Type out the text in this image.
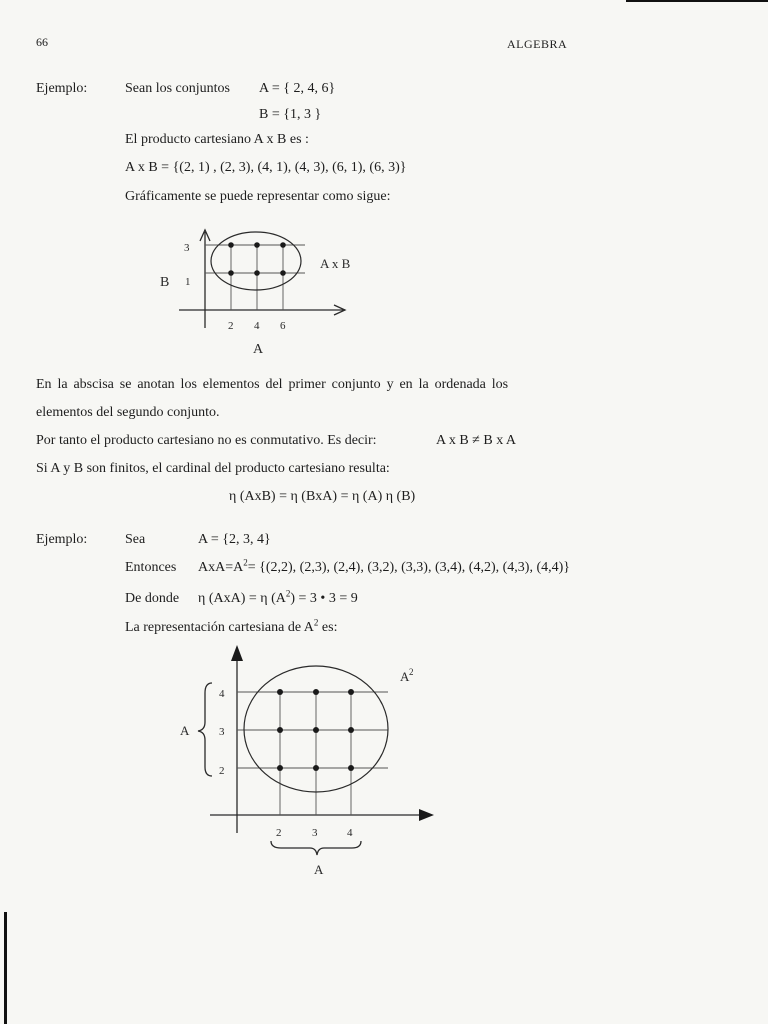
66	ALGEBRA
Ejemplo:	Sean los conjuntos A = { 2, 4, 6}
B = {1, 3 }
El producto cartesiano A x B es :
A x B = {(2, 1) , (2, 3), (4, 1), (4, 3), (6, 1), (6, 3)}
Gráficamente se puede representar como sigue:
3
1
B
2 4 6
A
A x B
En la abscisa se anotan los elementos del primer conjunto y en la ordenada los
elementos del segundo conjunto.
Por tanto el producto cartesiano no es conmutativo. Es decir:	A x B ≠ B x A
Si A y B son finitos, el cardinal del producto cartesiano resulta:
η (AxB) = η (BxA) = η (A) η (B)
Ejemplo:	Sea	A = {2, 3, 4}
Entonces $AxA=A^2= \{(2,2)$, (2,3), (2,4), (3,2), (3,3), (3,4), (4,2), (4,3), (4,4)}
De donde η (AxA) = η $(A^2) = 3$ • 3 = 9
La representación cartesiana de $A^2$ es:
4
3
2
A
2	3	4
A
A 2
